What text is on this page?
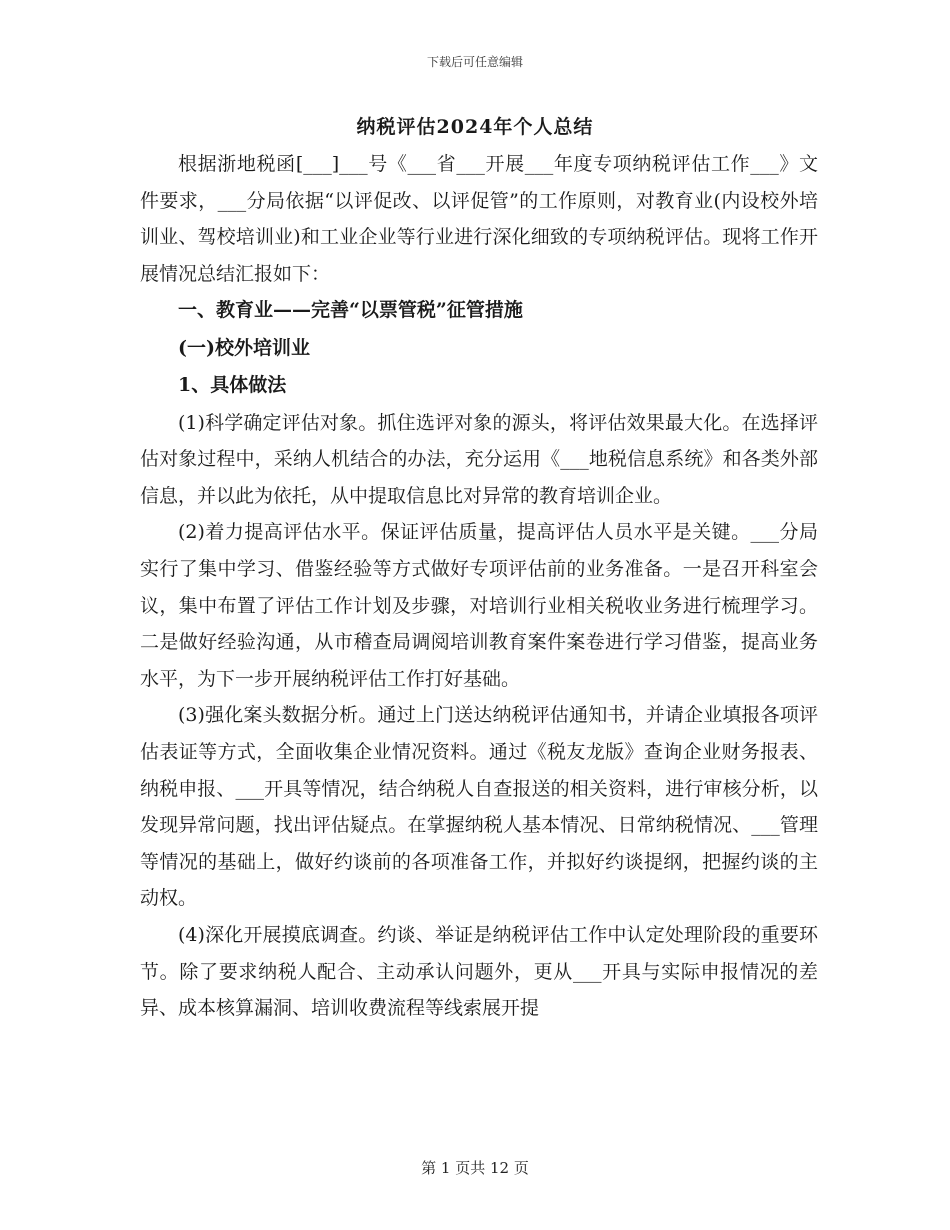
下载后可任意编辑
纳税评估2024年个人总结

根据浙地税函[___]___号《___省___开展___年度专项纳税评估工作___》文件要求，___分局依据“以评促改、以评促管”的工作原则，对教育业(内设校外培训业、驾校培训业)和工业企业等行业进行深化细致的专项纳税评估。现将工作开展情况总结汇报如下：

一、教育业——完善“以票管税”征管措施

(一)校外培训业

1、具体做法

(1)科学确定评估对象。抓住选评对象的源头，将评估效果最大化。在选择评估对象过程中，采纳人机结合的办法，充分运用《___地税信息系统》和各类外部信息，并以此为依托，从中提取信息比对异常的教育培训企业。

(2)着力提高评估水平。保证评估质量，提高评估人员水平是关键。___分局实行了集中学习、借鉴经验等方式做好专项评估前的业务准备。一是召开科室会议，集中布置了评估工作计划及步骤，对培训行业相关税收业务进行梳理学习。二是做好经验沟通，从市稽查局调阅培训教育案件案卷进行学习借鉴，提高业务水平，为下一步开展纳税评估工作打好基础。

(3)强化案头数据分析。通过上门送达纳税评估通知书，并请企业填报各项评估表证等方式，全面收集企业情况资料。通过《税友龙版》查询企业财务报表、纳税申报、___开具等情况，结合纳税人自查报送的相关资料，进行审核分析，以发现异常问题，找出评估疑点。在掌握纳税人基本情况、日常纳税情况、___管理等情况的基础上，做好约谈前的各项准备工作，并拟好约谈提纲，把握约谈的主动权。

(4)深化开展摸底调查。约谈、举证是纳税评估工作中认定处理阶段的重要环节。除了要求纳税人配合、主动承认问题外，更从___开具与实际申报情况的差异、成本核算漏洞、培训收费流程等线索展开提

第 1 页共 12 页
